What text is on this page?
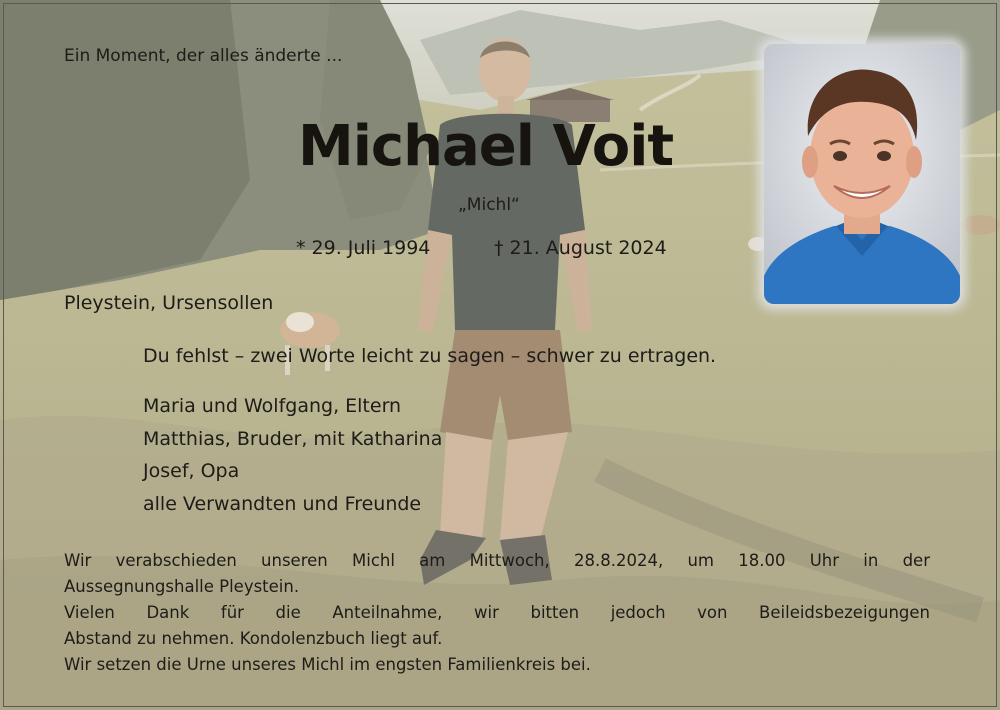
Ein Moment, der alles änderte ...
Michael Voit
„Michl“
* 29. Juli 1994	† 21. August 2024
Pleystein, Ursensollen
Du fehlst – zwei Worte leicht zu sagen – schwer zu ertragen.
Maria und Wolfgang, Eltern
Matthias, Bruder, mit Katharina
Josef, Opa
alle Verwandten und Freunde
Wir verabschieden unseren Michl am Mittwoch, 28.8.2024, um 18.00 Uhr in der
Aussegnungshalle Pleystein.
Vielen Dank für die Anteilnahme, wir bitten jedoch von Beileidsbezeigungen
Abstand zu nehmen. Kondolenzbuch liegt auf.
Wir setzen die Urne unseres Michl im engsten Familienkreis bei.
